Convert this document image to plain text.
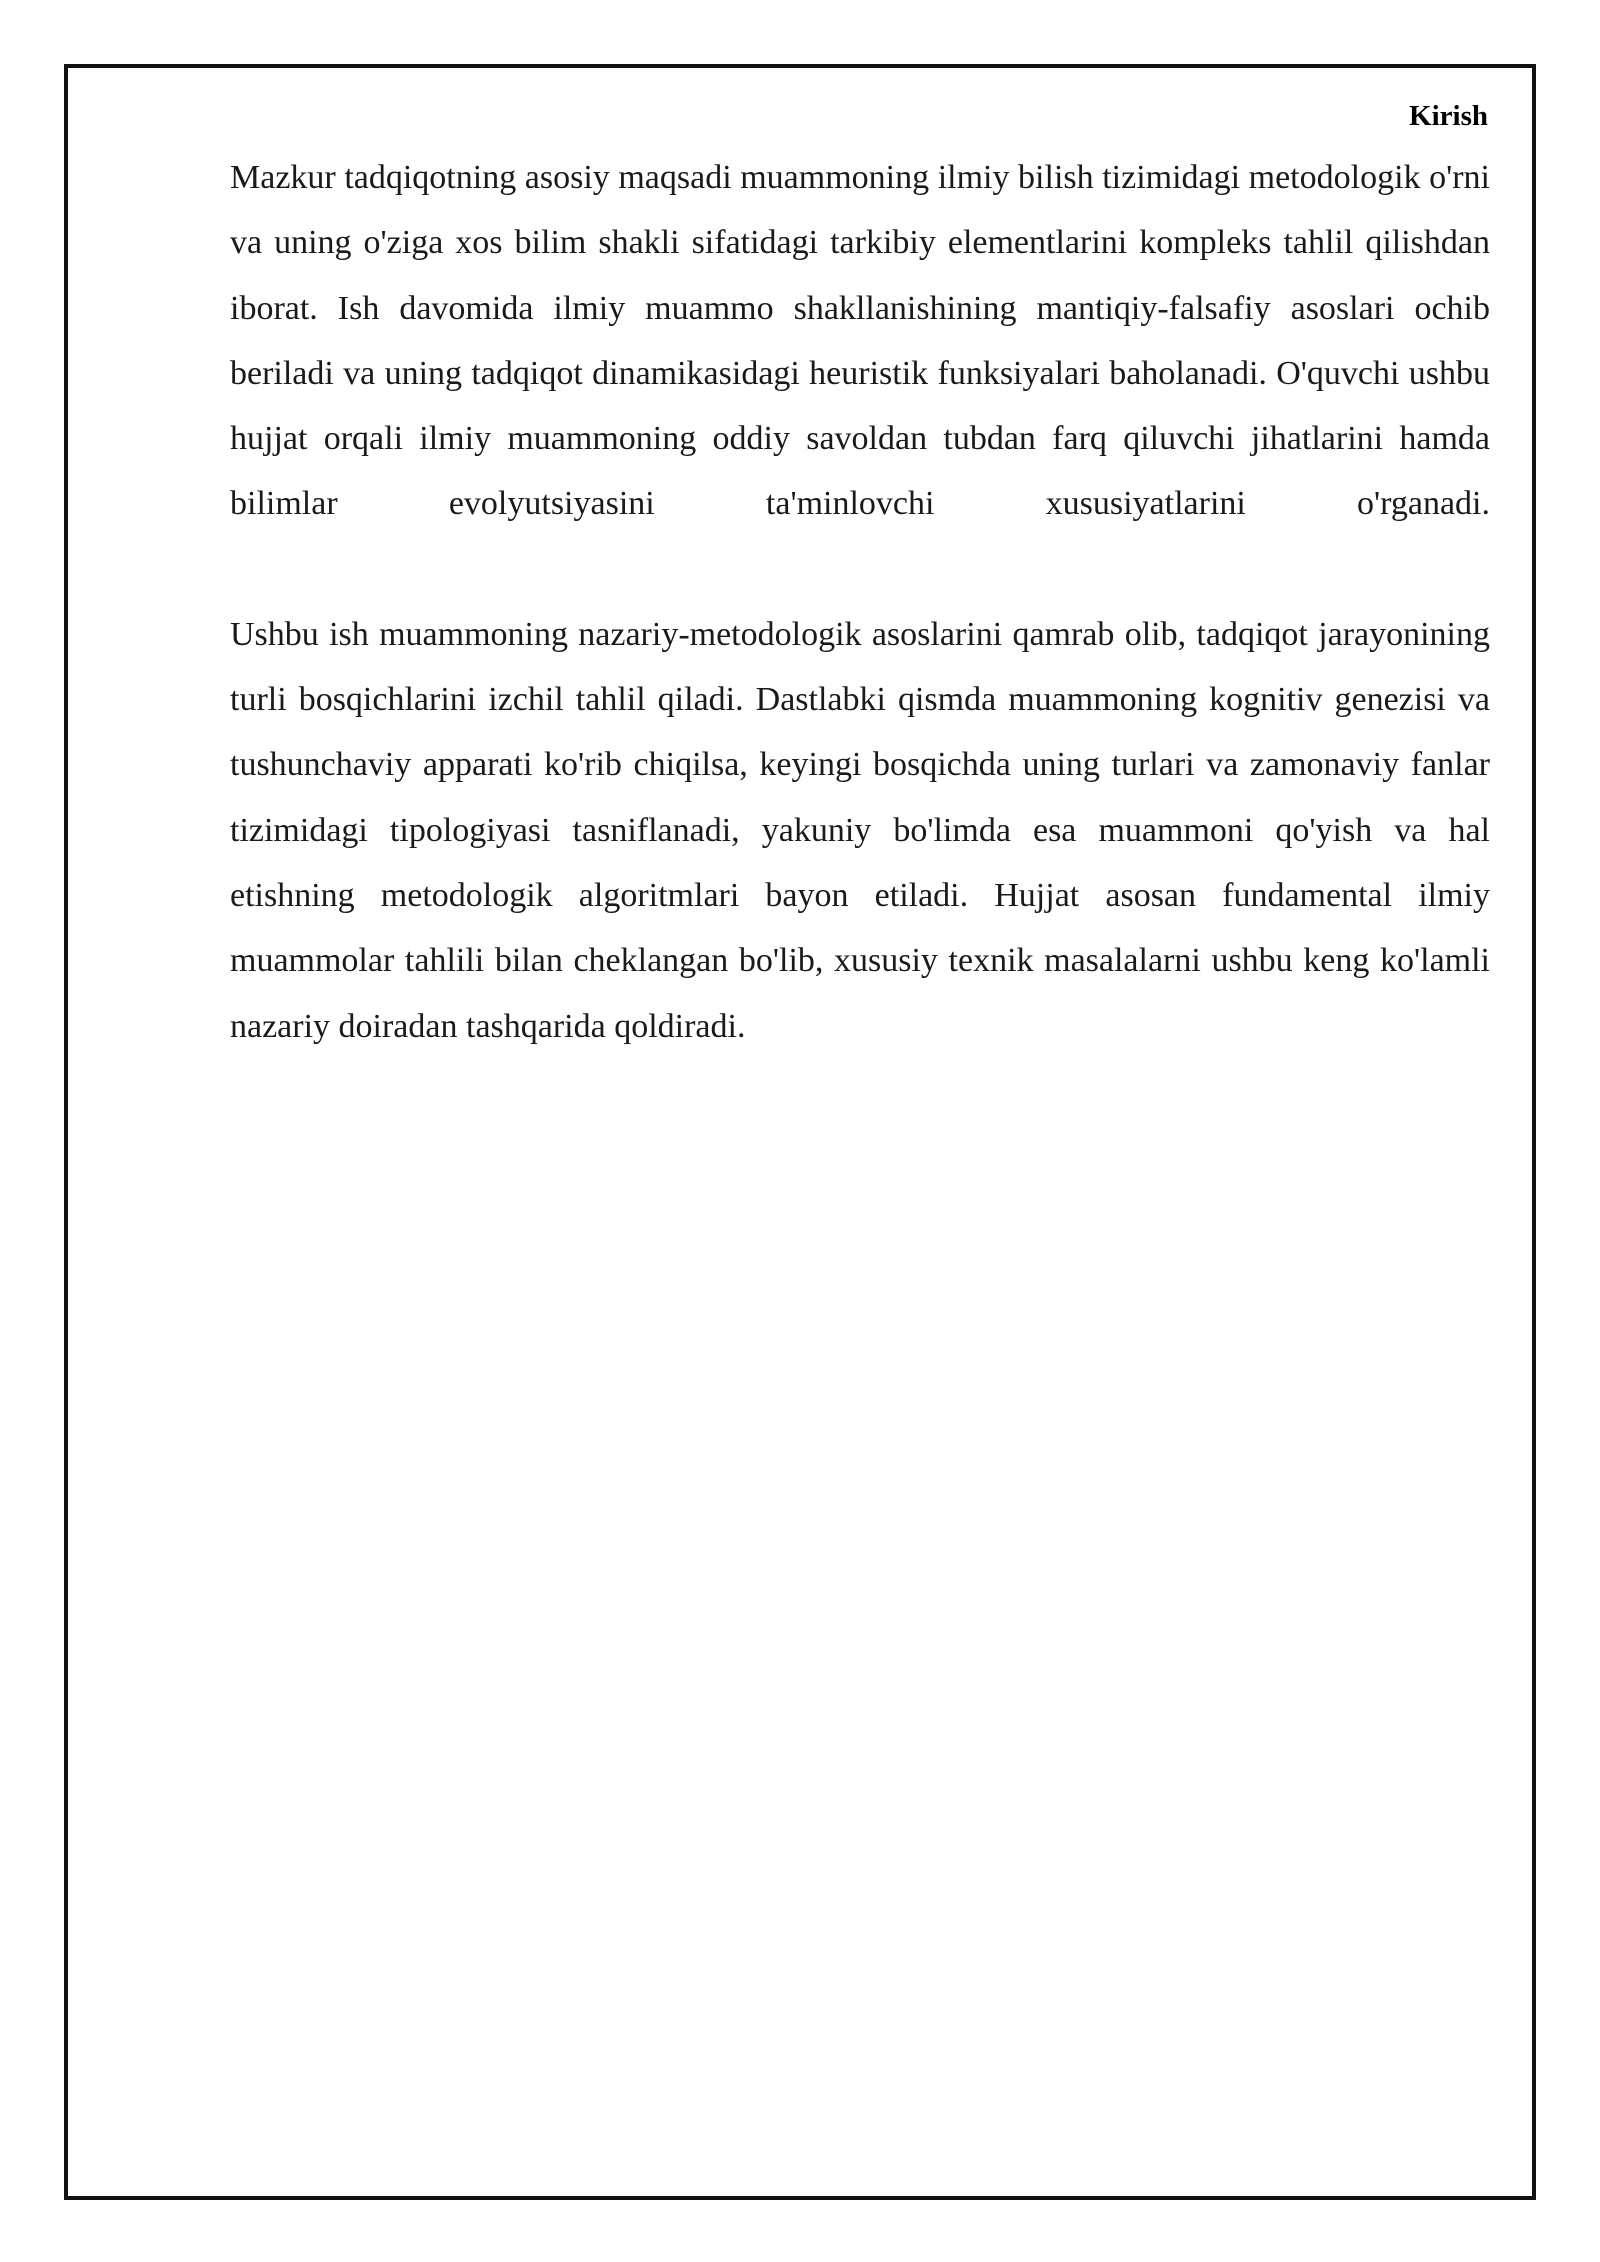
Kirish

Mazkur tadqiqotning asosiy maqsadi muammoning ilmiy bilish tizimidagi metodologik o'rni va uning o'ziga xos bilim shakli sifatidagi tarkibiy elementlarini kompleks tahlil qilishdan iborat. Ish davomida ilmiy muammo shakllanishining mantiqiy-falsafiy asoslari ochib beriladi va uning tadqiqot dinamikasidagi heuristik funksiyalari baholanadi. O'quvchi ushbu hujjat orqali ilmiy muammoning oddiy savoldan tubdan farq qiluvchi jihatlarini hamda bilimlar evolyutsiyasini ta'minlovchi xususiyatlarini o'rganadi.

Ushbu ish muammoning nazariy-metodologik asoslarini qamrab olib, tadqiqot jarayonining turli bosqichlarini izchil tahlil qiladi. Dastlabki qismda muammoning kognitiv genezisi va tushunchaviy apparati ko'rib chiqilsa, keyingi bosqichda uning turlari va zamonaviy fanlar tizimidagi tipologiyasi tasniflanadi, yakuniy bo'limda esa muammoni qo'yish va hal etishning metodologik algoritmlari bayon etiladi. Hujjat asosan fundamental ilmiy muammolar tahlili bilan cheklangan bo'lib, xususiy texnik masalalarni ushbu keng ko'lamli nazariy doiradan tashqarida qoldiradi.
